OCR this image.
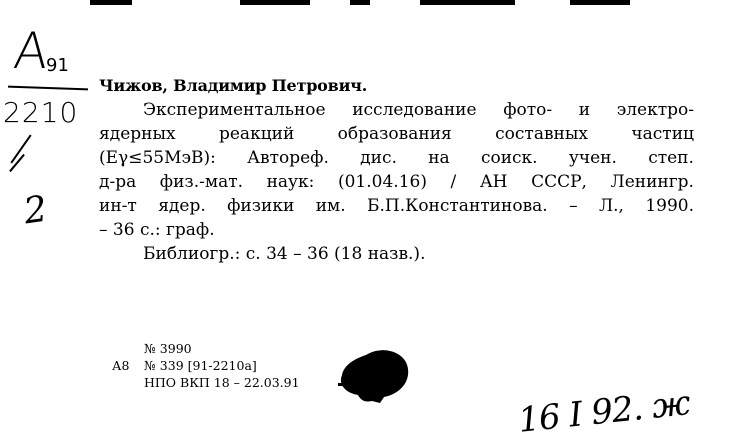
А
91
2210
2
Чижов, Владимир Петрович.
Экспериментальное исследование фото- и электро-
ядерных	реакций	образования	составных	частиц
(Еγ≤55МэВ): Автореф. дис. на соиск. учен. степ.
д-ра физ.-мат. наук: (01.04.16) / АН СССР, Ленингр.
ин-т ядер. физики им. Б.П.Константинова. – Л., 1990.
– 36 с.: граф.
Библиогр.: с. 34 – 36 (18 назв.).
№ 3990
А8 № 339 [91-2210а]
НПО ВКП 18 – 22.03.91
16 I 92. ж
